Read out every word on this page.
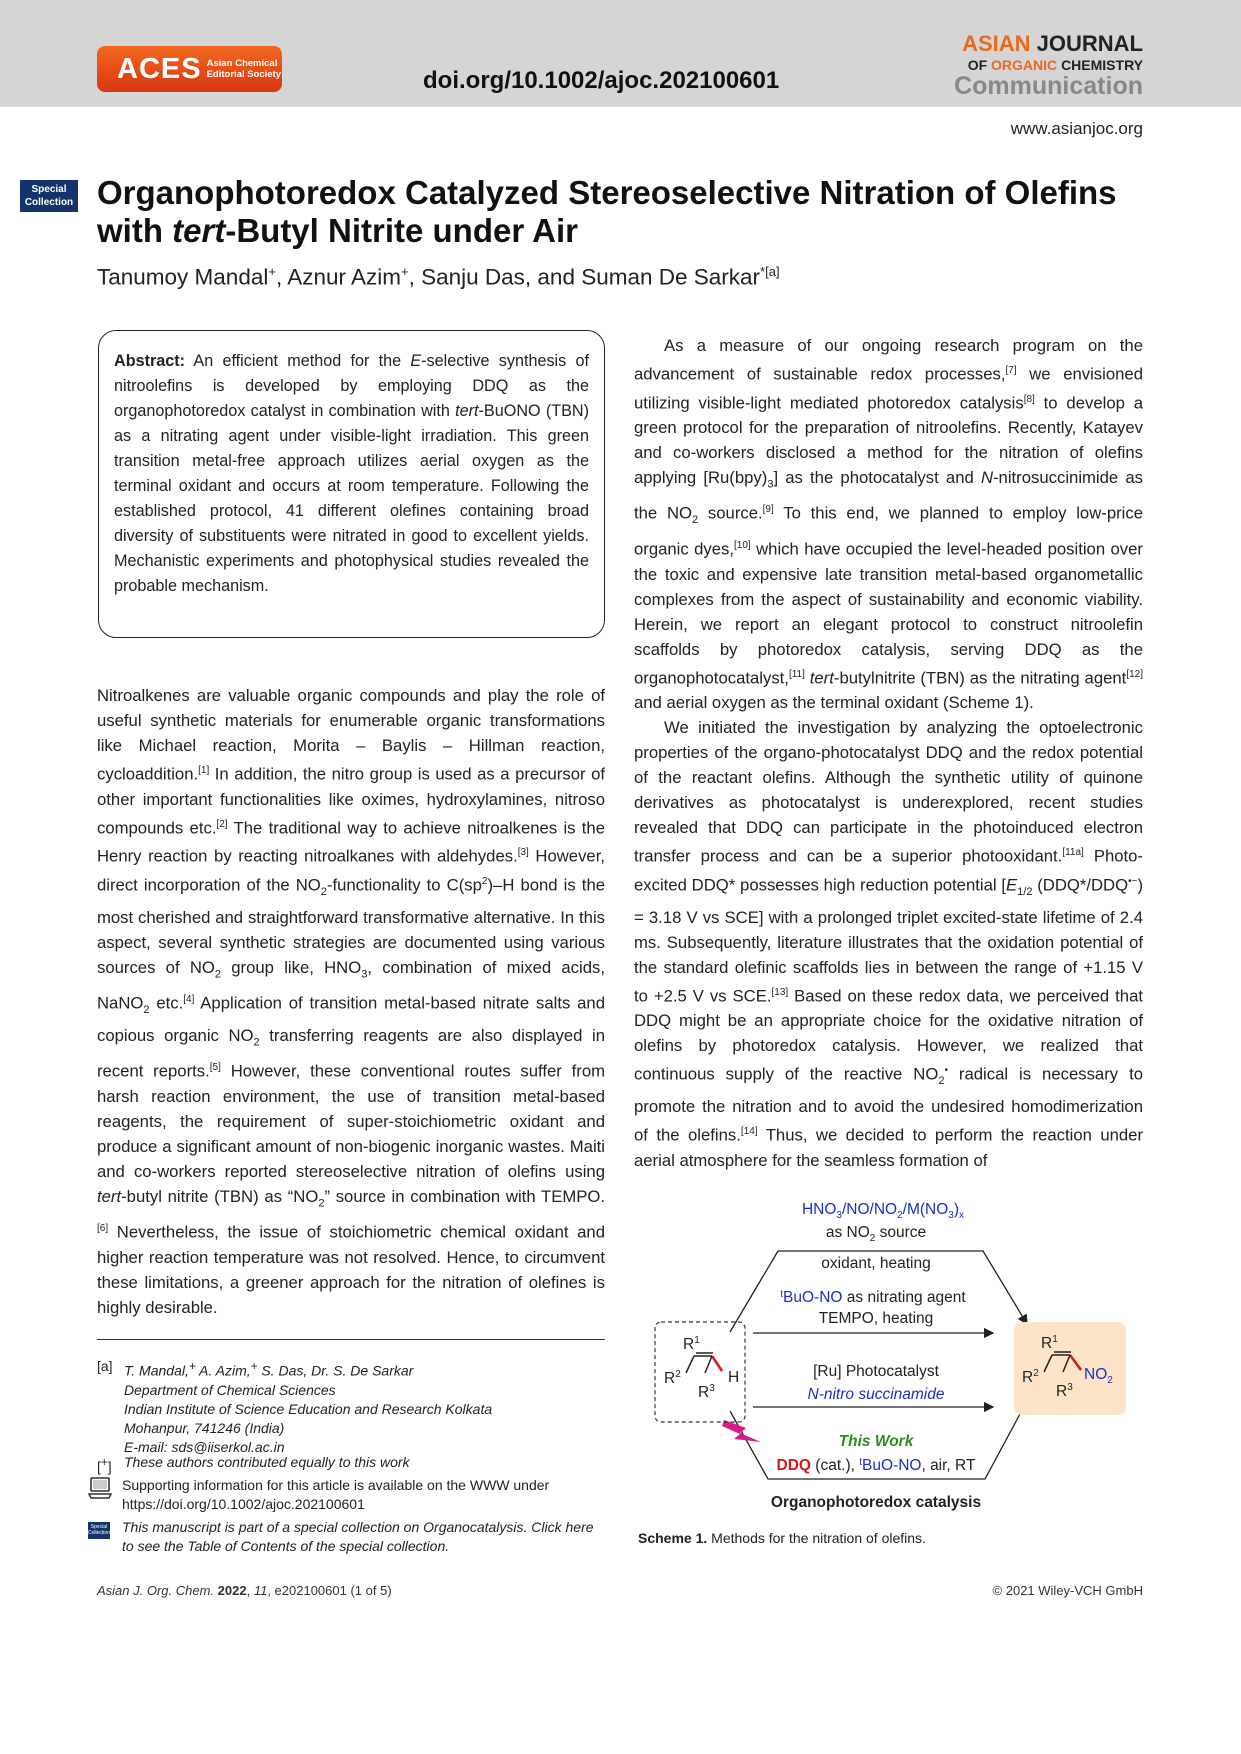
ACES Asian Chemical
Editorial Society	doi.org/10.1002/ajoc.202100601
ASIAN JOURNAL
OF ORGANIC CHEMISTRY
Communication
www.asianjoc.org
Special
Collection Organophotoredox Catalyzed Stereoselective Nitration of Olefins
with tert-Butyl Nitrite under Air
Tanumoy Mandal+, Aznur Azim+, Sanju Das, and Suman De Sarkar$^{*[a]}$
Abstract: An efficient method for the E-selective synthesis of nitroolefins is developed by employing DDQ as the organophotoredox catalyst in combination with tert-BuONO (TBN) as a nitrating agent under visible-light irradiation. This green transition metal-free approach utilizes aerial oxygen as the terminal oxidant and occurs at room temperature. Following the established protocol, 41 different olefines containing broad diversity of substituents were nitrated in good to excellent yields. Mechanistic experiments and photophysical studies revealed the probable mechanism.

Nitroalkenes are valuable organic compounds and play the role of useful synthetic materials for enumerable organic transformations like Michael reaction, Morita – Baylis – Hillman reaction, cycloaddition.[1] In addition, the nitro group is used as a precursor of other important functionalities like oximes, hydroxylamines, nitroso compounds etc.[2] The traditional way to achieve nitroalkenes is the Henry reaction by reacting nitroalkanes with aldehydes.[3] However, direct incorporation of the $NO_2$-functionality to $C(sp^2)-H$ bond is the most cherished and straightforward transformative alternative. In this aspect, several synthetic strategies are documented using various sources of $NO_2$ group like, $HNO_3$, combination of mixed acids, NaNO$_2$ etc.[4] Application of transition metal-based nitrate salts and copious organic $NO_2$ transferring reagents are also displayed in recent reports.[5] However, these conventional routes suffer from harsh reaction environment, the use of transition metal-based reagents, the requirement of super-stoichiometric oxidant and produce a significant amount of non-biogenic inorganic wastes. Maiti and co-workers reported stereoselective nitration of olefins using tert-butyl nitrite (TBN) as “$NO_2$” source in combination with TEMPO.[6] Nevertheless, the issue of stoichiometric chemical oxidant and higher reaction temperature was not resolved. Hence, to circumvent these limitations, a greener approach for the nitration of olefines is highly desirable.

As a measure of our ongoing research program on the advancement of sustainable redox processes,[7] we envisioned utilizing visible-light mediated photoredox catalysis[8] to develop a green protocol for the preparation of nitroolefins. Recently, Katayev and co-workers disclosed a method for the nitration of olefins applying $[Ru(bpy)_3]$ as the photocatalyst and N-nitrosuccinimide as the $NO_2$ source.[9] To this end, we planned to employ low-price organic dyes,[10] which have occupied the level-headed position over the toxic and expensive late transition metal-based organometallic complexes from the aspect of sustainability and economic viability. Herein, we report an elegant protocol to construct nitroolefin scaffolds by photoredox catalysis, serving DDQ as the organophotocatalyst,[11] tert-butylnitrite (TBN) as the nitrating agent[12] and aerial oxygen as the terminal oxidant (Scheme 1).

We initiated the investigation by analyzing the optoelectronic properties of the organo-photocatalyst DDQ and the redox potential of the reactant olefins. Although the synthetic utility of quinone derivatives as photocatalyst is underexplored, recent studies revealed that DDQ can participate in the photoinduced electron transfer process and can be a superior photooxidant.[11a] Photo-excited DDQ* possesses high reduction potential [$E_{1/2}$ (DDQ*/DDQ•−) = 3.18 V vs SCE] with a prolonged triplet excited-state lifetime of 2.4 ms. Subsequently, literature illustrates that the oxidation potential of the standard olefinic scaffolds lies in between the range of +1.15 V to +2.5 V vs SCE.[13] Based on these redox data, we perceived that DDQ might be an appropriate choice for the oxidative nitration of olefins by photoredox catalysis. However, we realized that continuous supply of the reactive $NO_2^•$ radical is necessary to promote the nitration and to avoid the undesired homodimerization of the olefins.[14] Thus, we decided to perform the reaction under aerial atmosphere for the seamless formation of

[a] T. Mandal,+ A. Azim,+ S. Das, Dr. S. De Sarkar
Department of Chemical Sciences
Indian Institute of Science Education and Research Kolkata
Mohanpur, 741246 (India)
E-mail: sds@iiserkol.ac.in
[+] These authors contributed equally to this work
Supporting information for this article is available on the WWW under
https://doi.org/10.1002/ajoc.202100601
Special
Collection This manuscript is part of a special collection on Organocatalysis. Click here
to see the Table of Contents of the special collection.
$HNO_3/NO/NO_2/M(NO_3)_x$
as $NO_2$ source
oxidant, heating
$^t$BuO-NO as nitrating agent
TEMPO, heating
[Ru] Photocatalyst
N-nitro succinamide
This Work
DDQ (cat.), $^t$BuO-NO, air, RT
Organophotoredox catalysis
$R^1$
$R^2$	H
$R^3$
$R^1$
$R^2$	$NO_2$
$R^3$
Scheme 1. Methods for the nitration of olefins.
Asian J. Org. Chem. 2022, 11, e202100601 (1 of 5)	© 2021 Wiley-VCH GmbH
